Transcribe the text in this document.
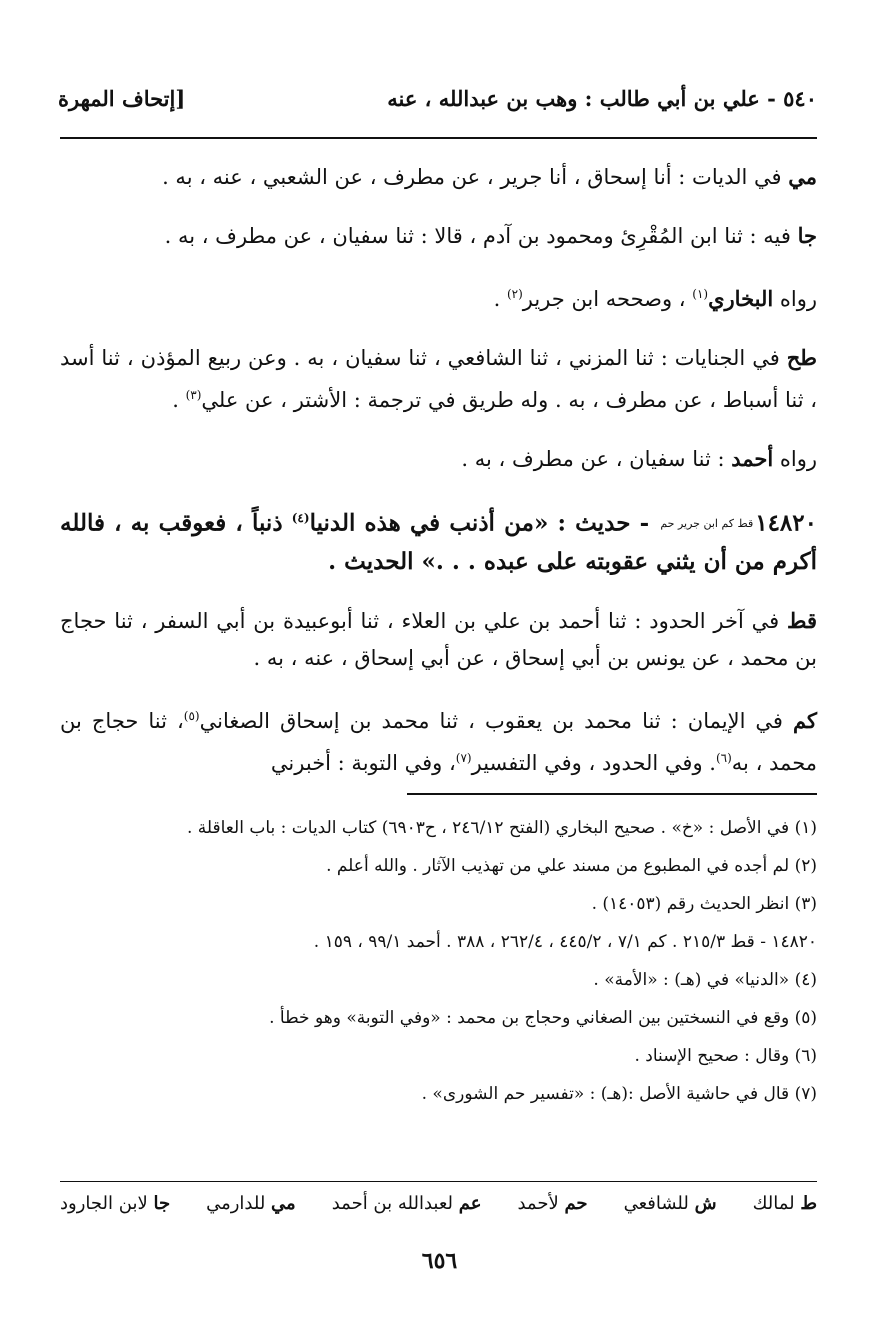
٥٤٠ - علي بن أبي طالب : وهب بن عبدالله ، عنه
[إتحاف المهرة

مي في الديات : أنا إسحاق ، أنا جرير ، عن مطرف ، عن الشعبي ، عنه ، به .

جا فيه : ثنا ابن المُقْرِئ ومحمود بن آدم ، قالا : ثنا سفيان ، عن مطرف ، به .

رواه البخاري$^{(١)}$ ، وصححه ابن جرير$^{(٢)}$ .

طح في الجنايات : ثنا المزني ، ثنا الشافعي ، ثنا سفيان ، به . وعن ربيع المؤذن ، ثنا أسد ، ثنا أسباط ، عن مطرف ، به . وله طريق في ترجمة : الأشتر ، عن علي$^{(٣)}$ .

رواه أحمد : ثنا سفيان ، عن مطرف ، به .

١٤٨٢٠قط كم ابن جرير حم - حديث : «من أذنب في هذه الدنيا$^{(٤)}$ ذنباً ، فعوقب به ، فالله أكرم من أن يثني عقوبته على عبده . . .» الحديث .

قط في آخر الحدود : ثنا أحمد بن علي بن العلاء ، ثنا أبوعبيدة بن أبي السفر ، ثنا حجاج بن محمد ، عن يونس بن أبي إسحاق ، عن أبي إسحاق ، عنه ، به .

كم في الإيمان : ثنا محمد بن يعقوب ، ثنا محمد بن إسحاق الصغاني$^{(٥)}$، ثنا حجاج بن محمد ، به$^{(٦)}$. وفي الحدود ، وفي التفسير$^{(٧)}$، وفي التوبة : أخبرني

(١) في الأصل : «خ» . صحيح البخاري (الفتح ٢٤٦/١٢ ، ح٦٩٠٣) كتاب الديات : باب العاقلة .

(٢) لم أجده في المطبوع من مسند علي من تهذيب الآثار . والله أعلم .

(٣) انظر الحديث رقم (١٤٠٥٣) .

١٤٨٢٠ - قط ٢١٥/٣ . كم ٧/١ ، ٤٤٥/٢ ، ٢٦٢/٤ ، ٣٨٨ . أحمد ٩٩/١ ، ١٥٩ .

(٤) «الدنيا» في (هـ) : «الأمة» .

(٥) وقع في النسختين بين الصغاني وحجاج بن محمد : «وفي التوبة» وهو خطأ .

(٦) وقال : صحيح الإسناد .

(٧) قال في حاشية الأصل :(هـ) : «تفسير حم الشورى» .

ط لمالك
ش للشافعي
حم لأحمد
عم لعبدالله بن أحمد
مي للدارمي
جا لابن الجارود
٦٥٦
